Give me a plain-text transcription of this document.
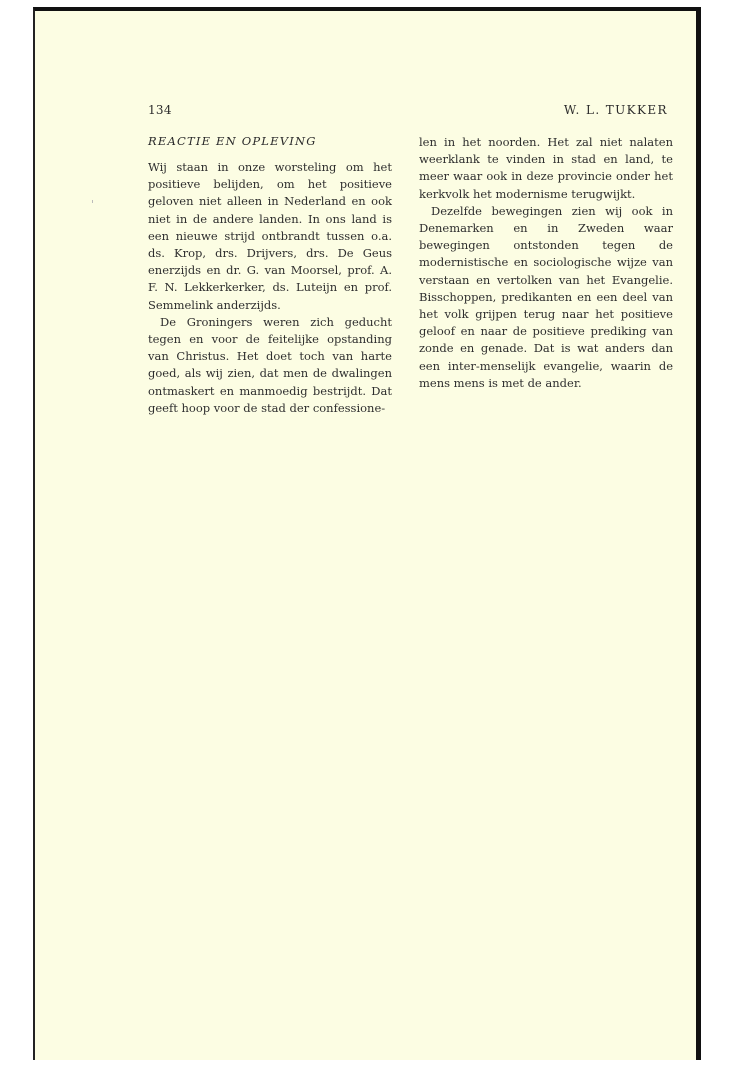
134	W. L. TUKKER
REACTIE EN OPLEVING

Wij staan in onze worsteling om het positieve belijden, om het positieve geloven niet alleen in Nederland en ook niet in de andere landen. In ons land is een nieuwe strijd ontbrandt tussen o.a. ds. Krop, drs. Drijvers, drs. De Geus enerzijds en dr. G. van Moorsel, prof. A. F. N. Lekkerkerker, ds. Luteijn en prof. Semmelink anderzijds.

De Groningers weren zich geducht tegen en voor de feitelijke opstanding van Christus. Het doet toch van harte goed, als wij zien, dat men de dwalingen ontmaskert en manmoedig bestrijdt. Dat geeft hoop voor de stad der confessione-

len in het noorden. Het zal niet nalaten weerklank te vinden in stad en land, te meer waar ook in deze provincie onder het kerkvolk het modernisme terugwijkt.

Dezelfde bewegingen zien wij ook in Denemarken en in Zweden waar bewegingen ontstonden tegen de modernistische en sociologische wijze van verstaan en vertolken van het Evangelie. Bisschoppen, predikanten en een deel van het volk grijpen terug naar het positieve geloof en naar de positieve prediking van zonde en genade. Dat is wat anders dan een inter-menselijk evangelie, waarin de mens mens is met de ander.
